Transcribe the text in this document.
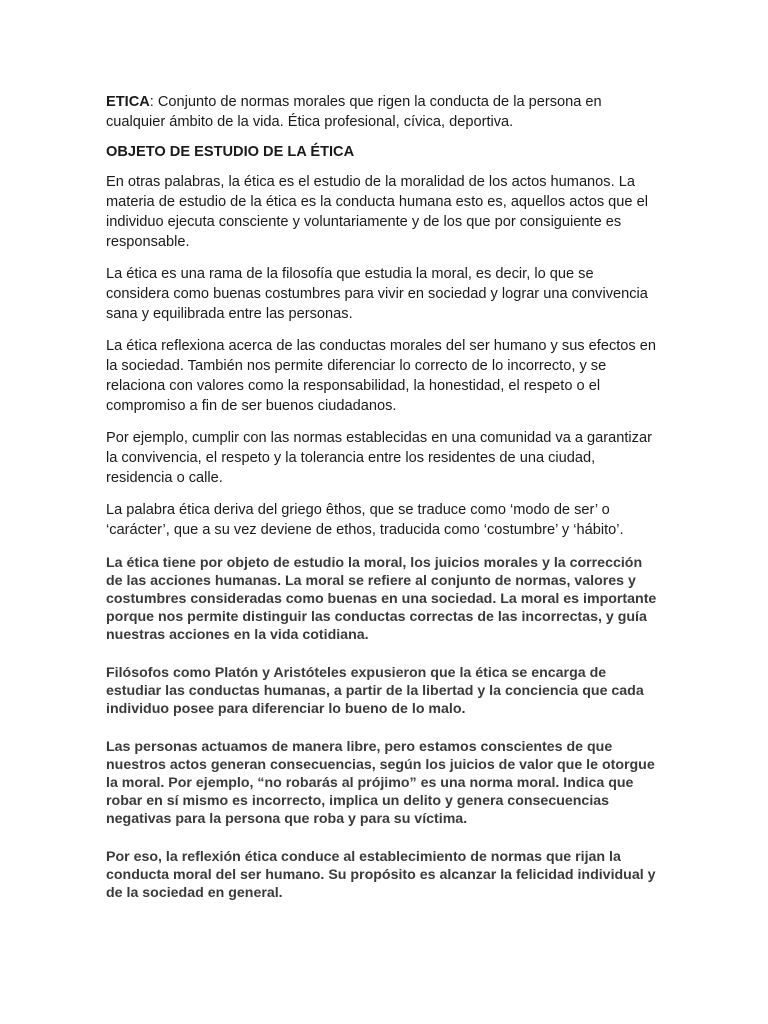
ETICA: Conjunto de normas morales que rigen la conducta de la persona en cualquier ámbito de la vida. Ética profesional, cívica, deportiva.

OBJETO DE ESTUDIO DE LA ÉTICA

En otras palabras, la ética es el estudio de la moralidad de los actos humanos. La materia de estudio de la ética es la conducta humana esto es, aquellos actos que el individuo ejecuta consciente y voluntariamente y de los que por consiguiente es responsable.

La ética es una rama de la filosofía que estudia la moral, es decir, lo que se considera como buenas costumbres para vivir en sociedad y lograr una convivencia sana y equilibrada entre las personas.

La ética reflexiona acerca de las conductas morales del ser humano y sus efectos en la sociedad. También nos permite diferenciar lo correcto de lo incorrecto, y se relaciona con valores como la responsabilidad, la honestidad, el respeto o el compromiso a fin de ser buenos ciudadanos.

Por ejemplo, cumplir con las normas establecidas en una comunidad va a garantizar la convivencia, el respeto y la tolerancia entre los residentes de una ciudad, residencia o calle.

La palabra ética deriva del griego êthos, que se traduce como ‘modo de ser’ o ‘carácter’, que a su vez deviene de ethos, traducida como ‘costumbre’ y ‘hábito’.

La ética tiene por objeto de estudio la moral, los juicios morales y la corrección de las acciones humanas. La moral se refiere al conjunto de normas, valores y costumbres consideradas como buenas en una sociedad. La moral es importante porque nos permite distinguir las conductas correctas de las incorrectas, y guía nuestras acciones en la vida cotidiana.

Filósofos como Platón y Aristóteles expusieron que la ética se encarga de estudiar las conductas humanas, a partir de la libertad y la conciencia que cada individuo posee para diferenciar lo bueno de lo malo.

Las personas actuamos de manera libre, pero estamos conscientes de que nuestros actos generan consecuencias, según los juicios de valor que le otorgue la moral. Por ejemplo, “no robarás al prójimo” es una norma moral. Indica que robar en sí mismo es incorrecto, implica un delito y genera consecuencias negativas para la persona que roba y para su víctima.

Por eso, la reflexión ética conduce al establecimiento de normas que rijan la conducta moral del ser humano. Su propósito es alcanzar la felicidad individual y de la sociedad en general.
